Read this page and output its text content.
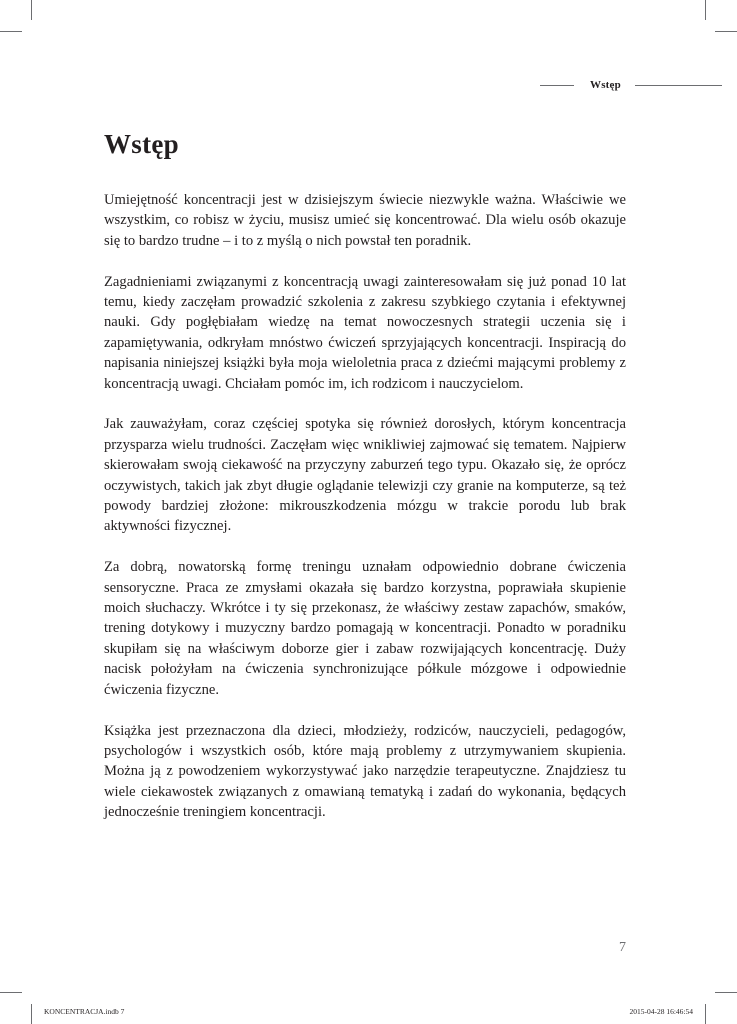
Wstęp
Wstęp

Umiejętność koncentracji jest w dzisiejszym świecie niezwykle ważna. Właściwie we wszystkim, co robisz w życiu, musisz umieć się koncentrować. Dla wielu osób okazuje się to bardzo trudne – i to z myślą o nich powstał ten poradnik.

Zagadnieniami związanymi z koncentracją uwagi zainteresowałam się już ponad 10 lat temu, kiedy zaczęłam prowadzić szkolenia z zakresu szybkiego czytania i efektywnej nauki. Gdy pogłębiałam wiedzę na temat nowoczesnych strategii uczenia się i zapamiętywania, odkryłam mnóstwo ćwiczeń sprzyjających koncentracji. Inspiracją do napisania niniejszej książki była moja wieloletnia praca z dziećmi mającymi problemy z koncentracją uwagi. Chciałam pomóc im, ich rodzicom i nauczycielom.

Jak zauważyłam, coraz częściej spotyka się również dorosłych, którym koncentracja przysparza wielu trudności. Zaczęłam więc wnikliwiej zajmować się tematem. Najpierw skierowałam swoją ciekawość na przyczyny zaburzeń tego typu. Okazało się, że oprócz oczywistych, takich jak zbyt długie oglądanie telewizji czy granie na komputerze, są też powody bardziej złożone: mikrouszkodzenia mózgu w trakcie porodu lub brak aktywności fizycznej.

Za dobrą, nowatorską formę treningu uznałam odpowiednio dobrane ćwiczenia sensoryczne. Praca ze zmysłami okazała się bardzo korzystna, poprawiała skupienie moich słuchaczy. Wkrótce i ty się przekonasz, że właściwy zestaw zapachów, smaków, trening dotykowy i muzyczny bardzo pomagają w koncentracji. Ponadto w poradniku skupiłam się na właściwym doborze gier i zabaw rozwijających koncentrację. Duży nacisk położyłam na ćwiczenia synchronizujące półkule mózgowe i odpowiednie ćwiczenia fizyczne.

Książka jest przeznaczona dla dzieci, młodzieży, rodziców, nauczycieli, pedagogów, psychologów i wszystkich osób, które mają problemy z utrzymywaniem skupienia. Można ją z powodzeniem wykorzystywać jako narzędzie terapeutyczne. Znajdziesz tu wiele ciekawostek związanych z omawianą tematyką i zadań do wykonania, będących jednocześnie treningiem koncentracji.

7
KONCENTRACJA.indb 7	2015-04-28 16:46:54
